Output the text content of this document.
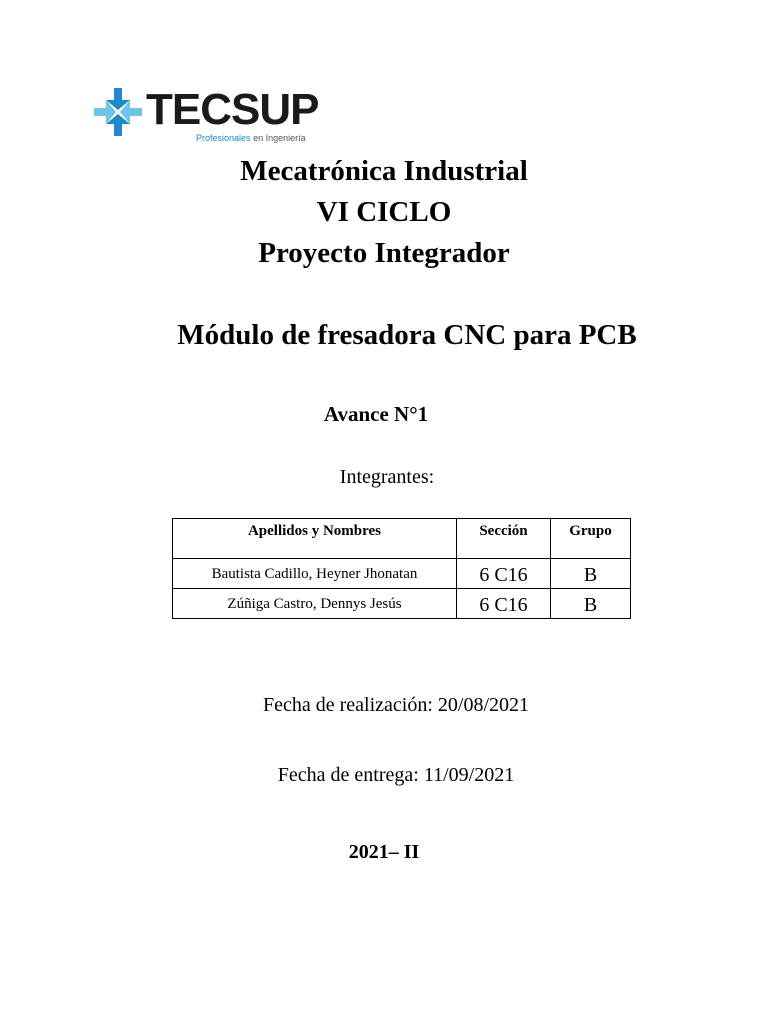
TECSUP
Profesionales en Ingeniería
Mecatrónica Industrial
VI CICLO
Proyecto Integrador
Módulo de fresadora CNC para PCB
Avance N°1
Integrantes:
Apellidos y Nombres	Sección	Grupo

Bautista Cadillo, Heyner Jhonatan	6 C16	B
Zúñiga Castro, Dennys Jesús	6 C16	B
Fecha de realización: 20/08/2021
Fecha de entrega: 11/09/2021
2021– II
